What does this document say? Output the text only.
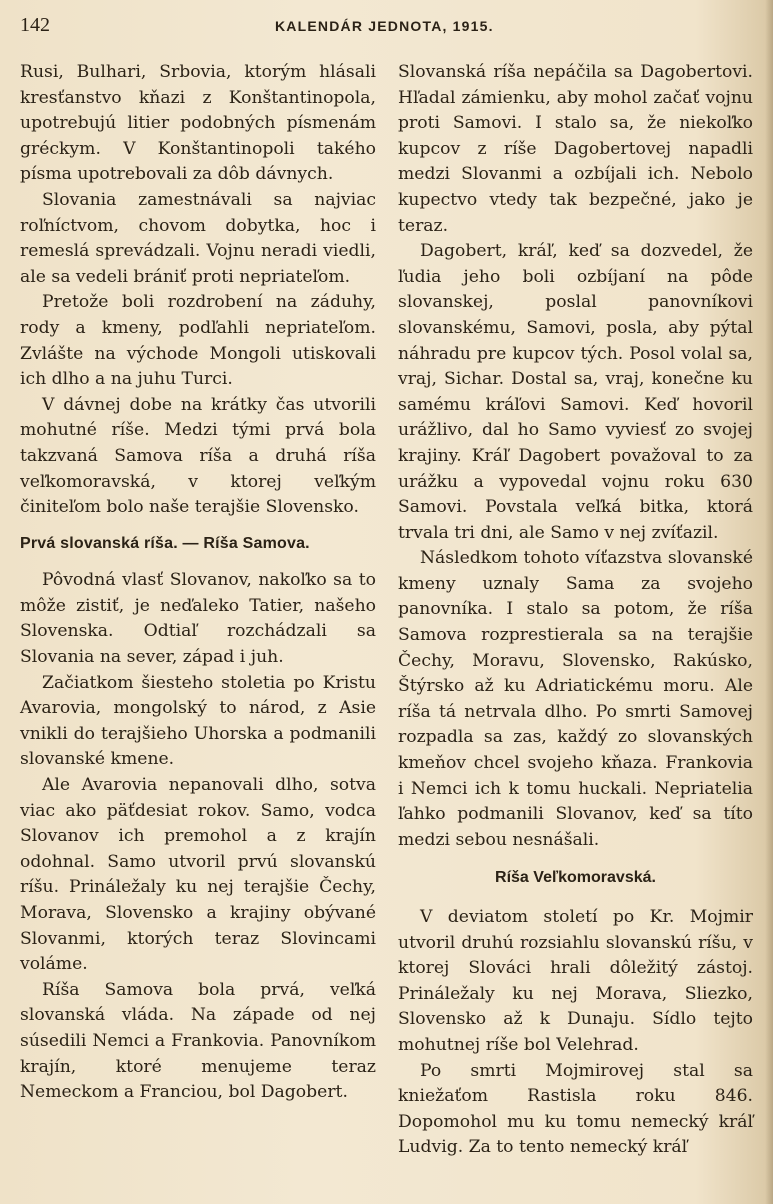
142	KALENDÁR JEDNOTA, 1915.

Rusi, Bulhari, Srbovia, ktorým hlásali kresťanstvo kňazi z Konštantinopola, upotrebujú litier podobných písmenám gréckym. V Konštantinopoli takého písma upotrebovali za dôb dávnych.

Slovania zamestnávali sa najviac roľníctvom, chovom dobytka, hoc i remeslá sprevádzali. Vojnu neradi viedli, ale sa vedeli brániť proti nepriateľom.

Pretože boli rozdrobení na záduhy, rody a kmeny, podľahli nepriateľom. Zvlášte na východe Mongoli utiskovali ich dlho a na juhu Turci.

V dávnej dobe na krátky čas utvorili mohutné ríše. Medzi tými prvá bola takzvaná Samova ríša a druhá ríša veľkomoravská, v ktorej veľkým činiteľom bolo naše terajšie Slovensko.

Prvá slovanská ríša. — Ríša Samova.

Pôvodná vlasť Slovanov, nakoľko sa to môže zistiť, je neďaleko Tatier, našeho Slovenska. Odtiaľ rozchádzali sa Slovania na sever, západ i juh.

Začiatkom šiesteho stoletia po Kristu Avarovia, mongolský to národ, z Asie vnikli do terajšieho Uhorska a podmanili slovanské kmene.

Ale Avarovia nepanovali dlho, sotva viac ako päťdesiat rokov. Samo, vodca Slovanov ich premohol a z krajín odohnal. Samo utvoril prvú slovanskú ríšu. Prináležaly ku nej terajšie Čechy, Morava, Slovensko a krajiny obývané Slovanmi, ktorých teraz Slovincami voláme.

Ríša Samova bola prvá, veľká slovanská vláda. Na západe od nej súsedili Nemci a Frankovia. Panovníkom krajín, ktoré menujeme teraz Nemeckom a Franciou, bol Dagobert.

Slovanská ríša nepáčila sa Dagobertovi. Hľadal zámienku, aby mohol začať vojnu proti Samovi. I stalo sa, že niekoľko kupcov z ríše Dagobertovej napadli medzi Slovanmi a ozbíjali ich. Nebolo kupectvo vtedy tak bezpečné, jako je teraz.

Dagobert, kráľ, keď sa dozvedel, že ľudia jeho boli ozbíjaní na pôde slovanskej, poslal panovníkovi slovanskému, Samovi, posla, aby pýtal náhradu pre kupcov tých. Posol volal sa, vraj, Sichar. Dostal sa, vraj, konečne ku samému kráľovi Samovi. Keď hovoril urážlivo, dal ho Samo vyviesť zo svojej krajiny. Kráľ Dagobert považoval to za urážku a vypovedal vojnu roku 630 Samovi. Povstala veľká bitka, ktorá trvala tri dni, ale Samo v nej zvíťazil.

Následkom tohoto víťazstva slovanské kmeny uznaly Sama za svojeho panovníka. I stalo sa potom, že ríša Samova rozprestierala sa na terajšie Čechy, Moravu, Slovensko, Rakúsko, Štýrsko až ku Adriatickému moru. Ale ríša tá netrvala dlho. Po smrti Samovej rozpadla sa zas, každý zo slovanských kmeňov chcel svojeho kňaza. Frankovia i Nemci ich k tomu huckali. Nepriatelia ľahko podmanili Slovanov, keď sa títo medzi sebou nesnášali.

Ríša Veľkomoravská.

V deviatom století po Kr. Mojmir utvoril druhú rozsiahlu slovanskú ríšu, v ktorej Slováci hrali dôležitý zástoj. Prináležaly ku nej Morava, Sliezko, Slovensko až k Dunaju. Sídlo tejto mohutnej ríše bol Velehrad.

Po smrti Mojmirovej stal sa kniežaťom Rastisla roku 846. Dopomohol mu ku tomu nemecký kráľ Ludvig. Za to tento nemecký kráľ
